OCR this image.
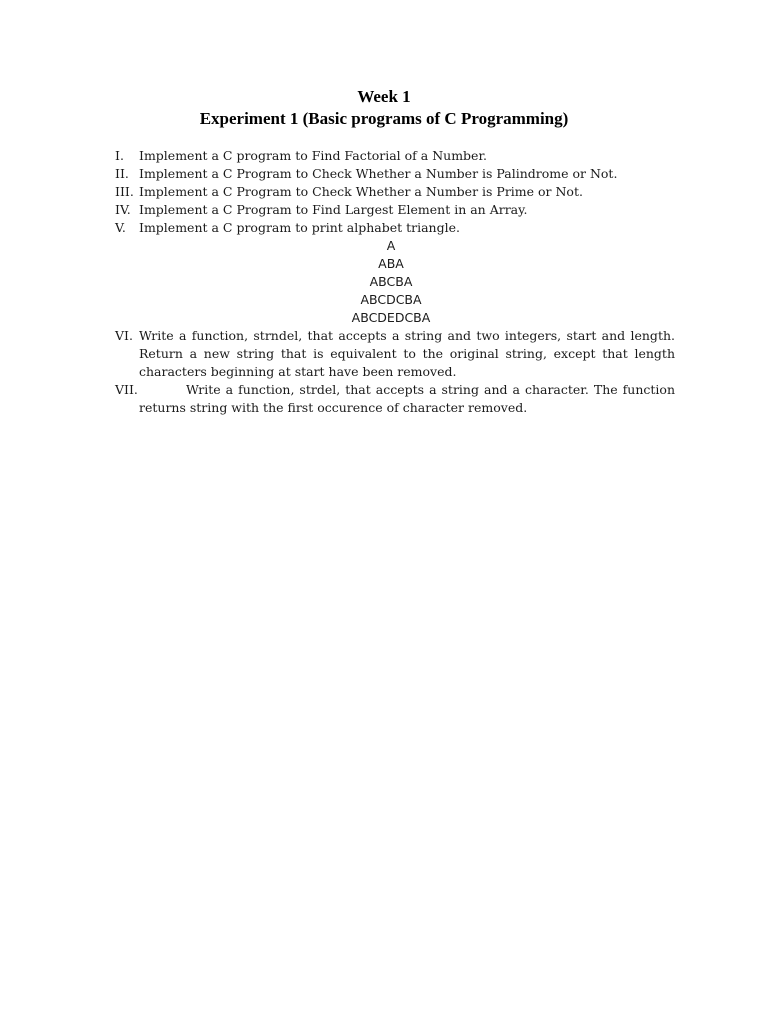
Week 1
Experiment 1 (Basic programs of C Programming)
I. Implement a C program to Find Factorial of a Number.
II. Implement a C Program to Check Whether a Number is Palindrome or Not.
III. Implement a C Program to Check Whether a Number is Prime or Not.
IV. Implement a C Program to Find Largest Element in an Array.
V. Implement a C program to print alphabet triangle.
A
ABA
ABCBA
ABCDCBA
ABCDEDCBA
VI. Write a function, strndel, that accepts a string and two integers, start and length. Return a new string that is equivalent to the original string, except that length characters beginning at start have been removed.
VII.	Write a function, strdel, that accepts a string and a character. The function returns string with the first occurence of character removed.
